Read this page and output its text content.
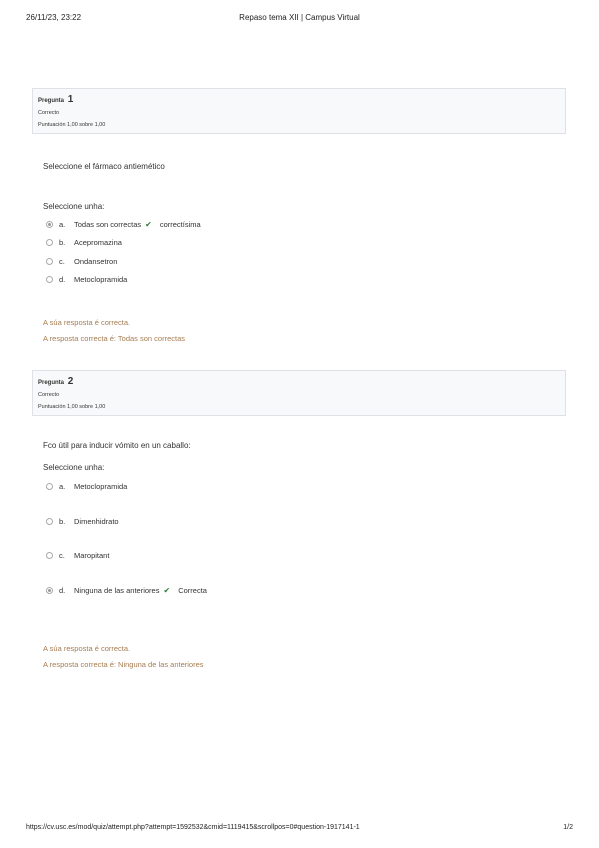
26/11/23, 23:22	Repaso tema XII | Campus Virtual
Pregunta 1
Correcto
Puntuación 1,00 sobre 1,00
Seleccione el fármaco antiemético
Seleccione unha:
a.	Todas son correctas ✔ correctísima
b.	Acepromazina
c.	Ondansetron
d.	Metoclopramida
A súa resposta é correcta.
A resposta correcta é: Todas son correctas
Pregunta 2
Correcto
Puntuación 1,00 sobre 1,00
Fco útil para inducir vómito en un caballo:
Seleccione unha:
a.	Metoclopramida
b.	Dimenhidrato
c.	Maropitant
d.	Ninguna de las anteriores ✔ Correcta
A súa resposta é correcta.
A resposta correcta é: Ninguna de las anteriores
https://cv.usc.es/mod/quiz/attempt.php?attempt=1592532&cmid=1119415&scrollpos=0#question-1917141-1	1/2
